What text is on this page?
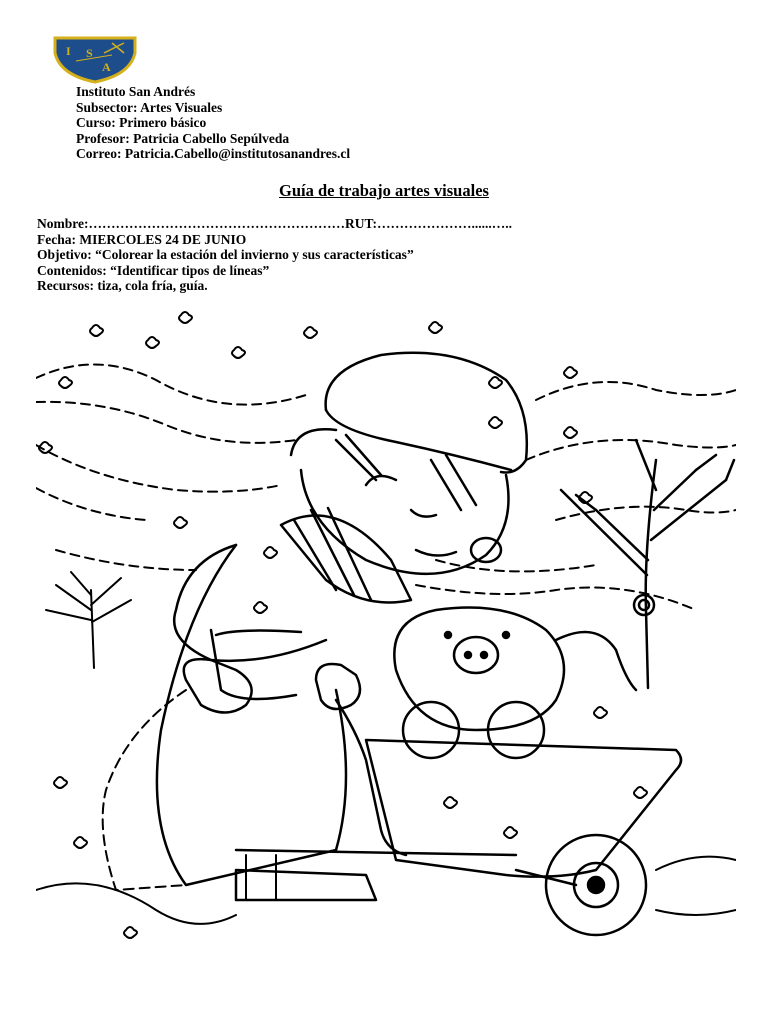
I S
A
Instituto San Andrés
Subsector: Artes Visuales
Curso: Primero básico
Profesor: Patricia Cabello Sepúlveda
Correo: Patricia.Cabello@institutosanandres.cl
Guía de trabajo artes visuales
Nombre:…………………………………………………RUT:…………………......…..
Fecha: MIERCOLES 24 DE JUNIO
Objetivo: “Colorear la estación del invierno y sus características”
Contenidos: “Identificar tipos de líneas”
Recursos: tiza, cola fría, guía.
